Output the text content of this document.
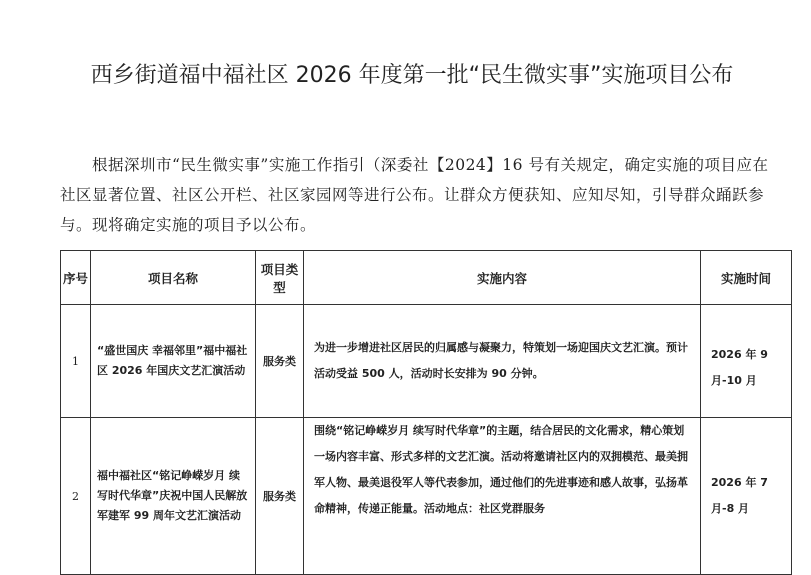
西乡街道福中福社区 2026 年度第一批“民生微实事”实施项目公布
根据深圳市“民生微实事”实施工作指引（深委社【2024】16 号有关规定，确定实施的项目应在社区显著位置、社区公开栏、社区家园网等进行公布。让群众方便获知、应知尽知，引导群众踊跃参与。现将确定实施的项目予以公布。
序号	项目名称	项目类型	实施内容	实施时间
1	“盛世国庆 幸福邻里”福中福社区 2026 年国庆文艺汇演活动	服务类	为进一步增进社区居民的归属感与凝聚力，特策划一场迎国庆文艺汇演。预计活动受益 500 人，活动时长安排为 90 分钟。	2026 年 9 月-10 月
2	福中福社区“铭记峥嵘岁月 续写时代华章”庆祝中国人民解放军建军 99 周年文艺汇演活动	服务类	围绕“铭记峥嵘岁月 续写时代华章”的主题，结合居民的文化需求，精心策划一场内容丰富、形式多样的文艺汇演。活动将邀请社区内的双拥模范、最美拥军人物、最美退役军人等代表参加，通过他们的先进事迹和感人故事，弘扬革命精神，传递正能量。活动地点：社区党群服务	2026 年 7 月-8 月
